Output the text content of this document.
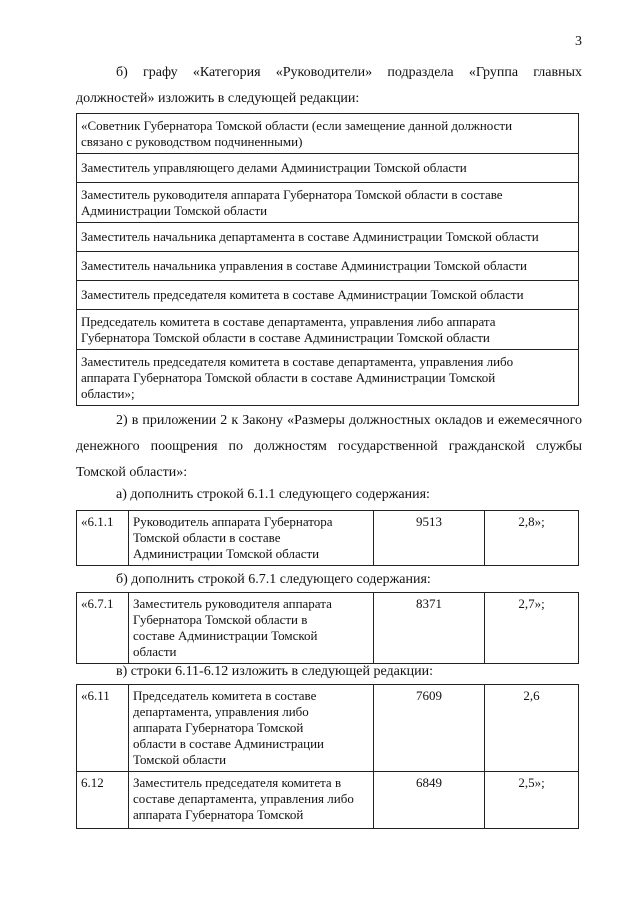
3
б) графу «Категория «Руководители» подраздела «Группа главных
должностей» изложить в следующей редакции:
«Советник Губернатора Томской области (если замещение данной должности
связано с руководством подчиненными)

Заместитель управляющего делами Администрации Томской области

Заместитель руководителя аппарата Губернатора Томской области в составе
Администрации Томской области

Заместитель начальника департамента в составе Администрации Томской области

Заместитель начальника управления в составе Администрации Томской области

Заместитель председателя комитета в составе Администрации Томской области

Председатель комитета в составе департамента, управления либо аппарата
Губернатора Томской области в составе Администрации Томской области

Заместитель председателя комитета в составе департамента, управления либо
аппарата Губернатора Томской области в составе Администрации Томской
области»;
2) в приложении 2 к Закону «Размеры должностных окладов и ежемесячного
денежного поощрения по должностям государственной гражданской службы
Томской области»:
а) дополнить строкой 6.1.1 следующего содержания:
«6.1.1	Руководитель аппарата Губернатора
Томской области в составе
Администрации Томской области
	9513	2,8»;
б) дополнить строкой 6.7.1 следующего содержания:
«6.7.1	Заместитель руководителя аппарата
Губернатора Томской области в
составе Администрации Томской
области
	8371	2,7»;
в) строки 6.11-6.12 изложить в следующей редакции:
«6.11	Председатель комитета в составе
департамента, управления либо
аппарата Губернатора Томской
области в составе Администрации
Томской области	7609	2,6
6.12	Заместитель председателя комитета в
составе департамента, управления либо
аппарата Губернатора Томской	6849	2,5»;
